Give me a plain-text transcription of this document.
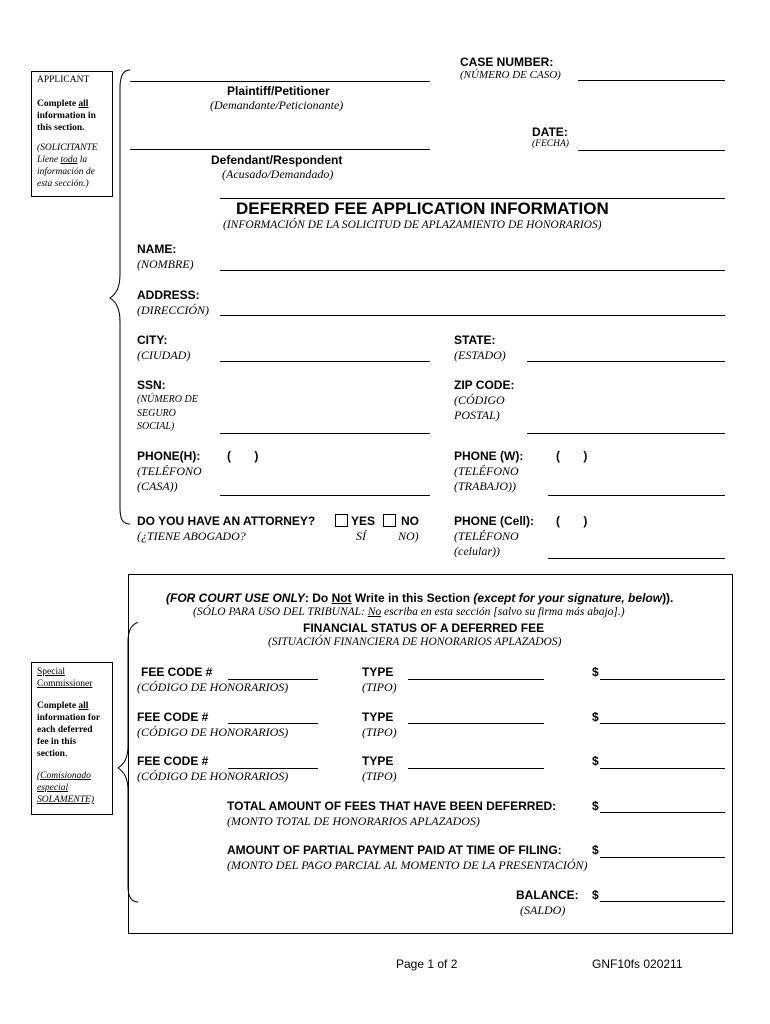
CASE NUMBER:
(NÚMERO DE CASO)
Plaintiff/Petitioner
(Demandante/Peticionante)
DATE:
(FECHA)
Defendant/Respondent
(Acusado/Demandado)
APPLICANT
Complete all
information in
this section.
(SOLICITANTE
Llene toda la
información de
esta sección.)
DEFERRED FEE APPLICATION INFORMATION
(INFORMACIÓN DE LA SOLICITUD DE APLAZAMIENTO DE HONORARIOS)
NAME:
(NOMBRE)
ADDRESS:
(DIRECCIÓN)
CITY:
(CIUDAD)
STATE:
(ESTADO)
SSN:
(NÚMERO DE
SEGURO
SOCIAL)
ZIP CODE:
(CÓDIGO
POSTAL)
PHONE(H): (       )
(TELÉFONO
(CASA))
PHONE (W):	(       )
(TELÉFONO
(TRABAJO))
DO YOU HAVE AN ATTORNEY?
(¿TIENE ABOGADO?
YES
SÍ
NO
NO)
PHONE (Cell): (       )
(TELÉFONO
(celular))
(FOR COURT USE ONLY: Do Not Write in this Section (except for your signature, below)).
(SÓLO PARA USO DEL TRIBUNAL: No escriba en esta sección [salvo su firma más abajo].)
FINANCIAL STATUS OF A DEFERRED FEE
(SITUACIÓN FINANCIERA DE HONORARIOS APLAZADOS)
Special
Commissioner
Complete all
information for
each deferred
fee in this
section.
(Comisionado
especial
SOLAMENTE)
FEE CODE #
(CÓDIGO DE HONORARIOS)
TYPE
(TIPO)
$
FEE CODE #
(CÓDIGO DE HONORARIOS)
TYPE
(TIPO)
$
FEE CODE #
(CÓDIGO DE HONORARIOS)
TYPE
(TIPO)
$
TOTAL AMOUNT OF FEES THAT HAVE BEEN DEFERRED:
(MONTO TOTAL DE HONORARIOS APLAZADOS)
$
AMOUNT OF PARTIAL PAYMENT PAID AT TIME OF FILING:
(MONTO DEL PAGO PARCIAL AL MOMENTO DE LA PRESENTACIÓN)
$
BALANCE:
(SALDO)
$
Page 1 of 2	GNF10fs 020211
